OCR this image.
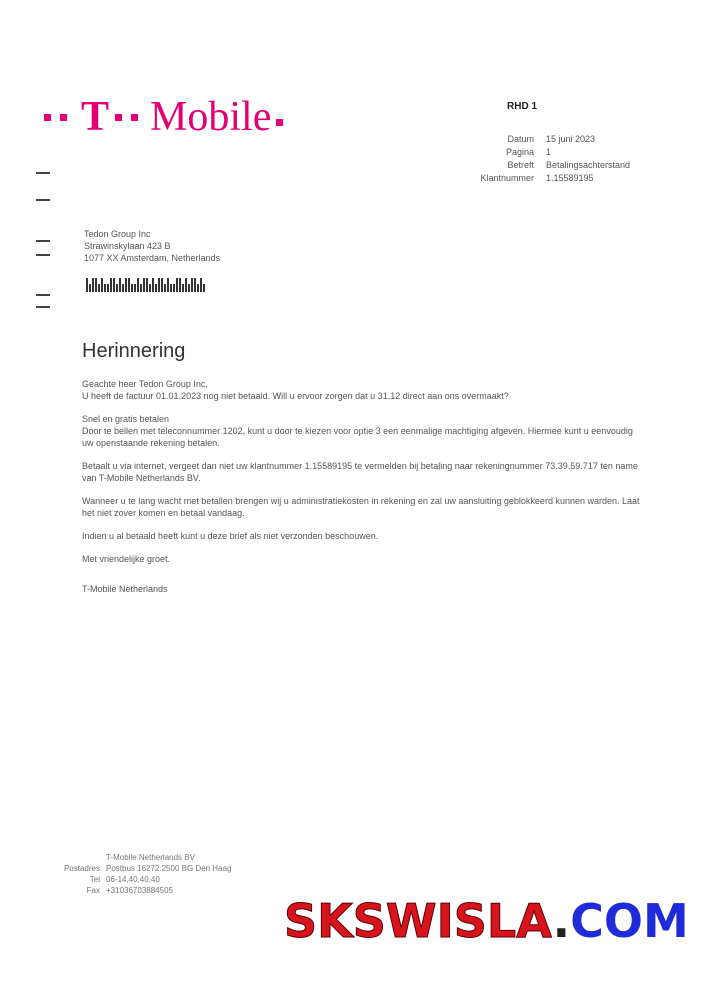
T Mobile	RHD 1
Datum	15 juni 2023
Pagina	1
Betreft	Betalingsachterstand
Klantnummer	1.15589195
Tedon Group Inc
Strawinskylaan 423 B
1077 XX Amsterdam, Netherlands
Herinnering

Geachte heer Tedon Group Inc,
U heeft de factuur 01.01.2023 nog niet betaald. Will u ervoor zorgen dat u 31.12 direct aan ons overmaakt?

Snel en gratis betalen
Door te bellen met teleconnummer 1202, kunt u door te kiezen voor optie 3 een eenmalige machtiging afgeven. Hiermee kunt u eenvoudig uw openstaande rekening betalen.

Betaalt u via internet, vergeet dan niet uw klantnummer 1.15589195 te vermelden bij betaling naar rekeningnummer 73.39.59.717 ten name van T-Mobile Netherlands BV.

Wanneer u te lang wacht met betallen brengen wij u administratiekosten in rekening en zal uw aansluiting geblokkeerd kunnen warden. Laat het niet zover komen en betaal vandaag.

Indien u al betaald heeft kunt u deze brief als niet verzonden beschouwen.

Met vriendelijke groet.

T-Mobile Netherlands

	T-Mobile Netherlands BV
Postadres	Postbus 16272.2500 BG Den Haag
Tel	06-14,40,40,40
Fax	+31036703884505
SKSWISLA.COM
